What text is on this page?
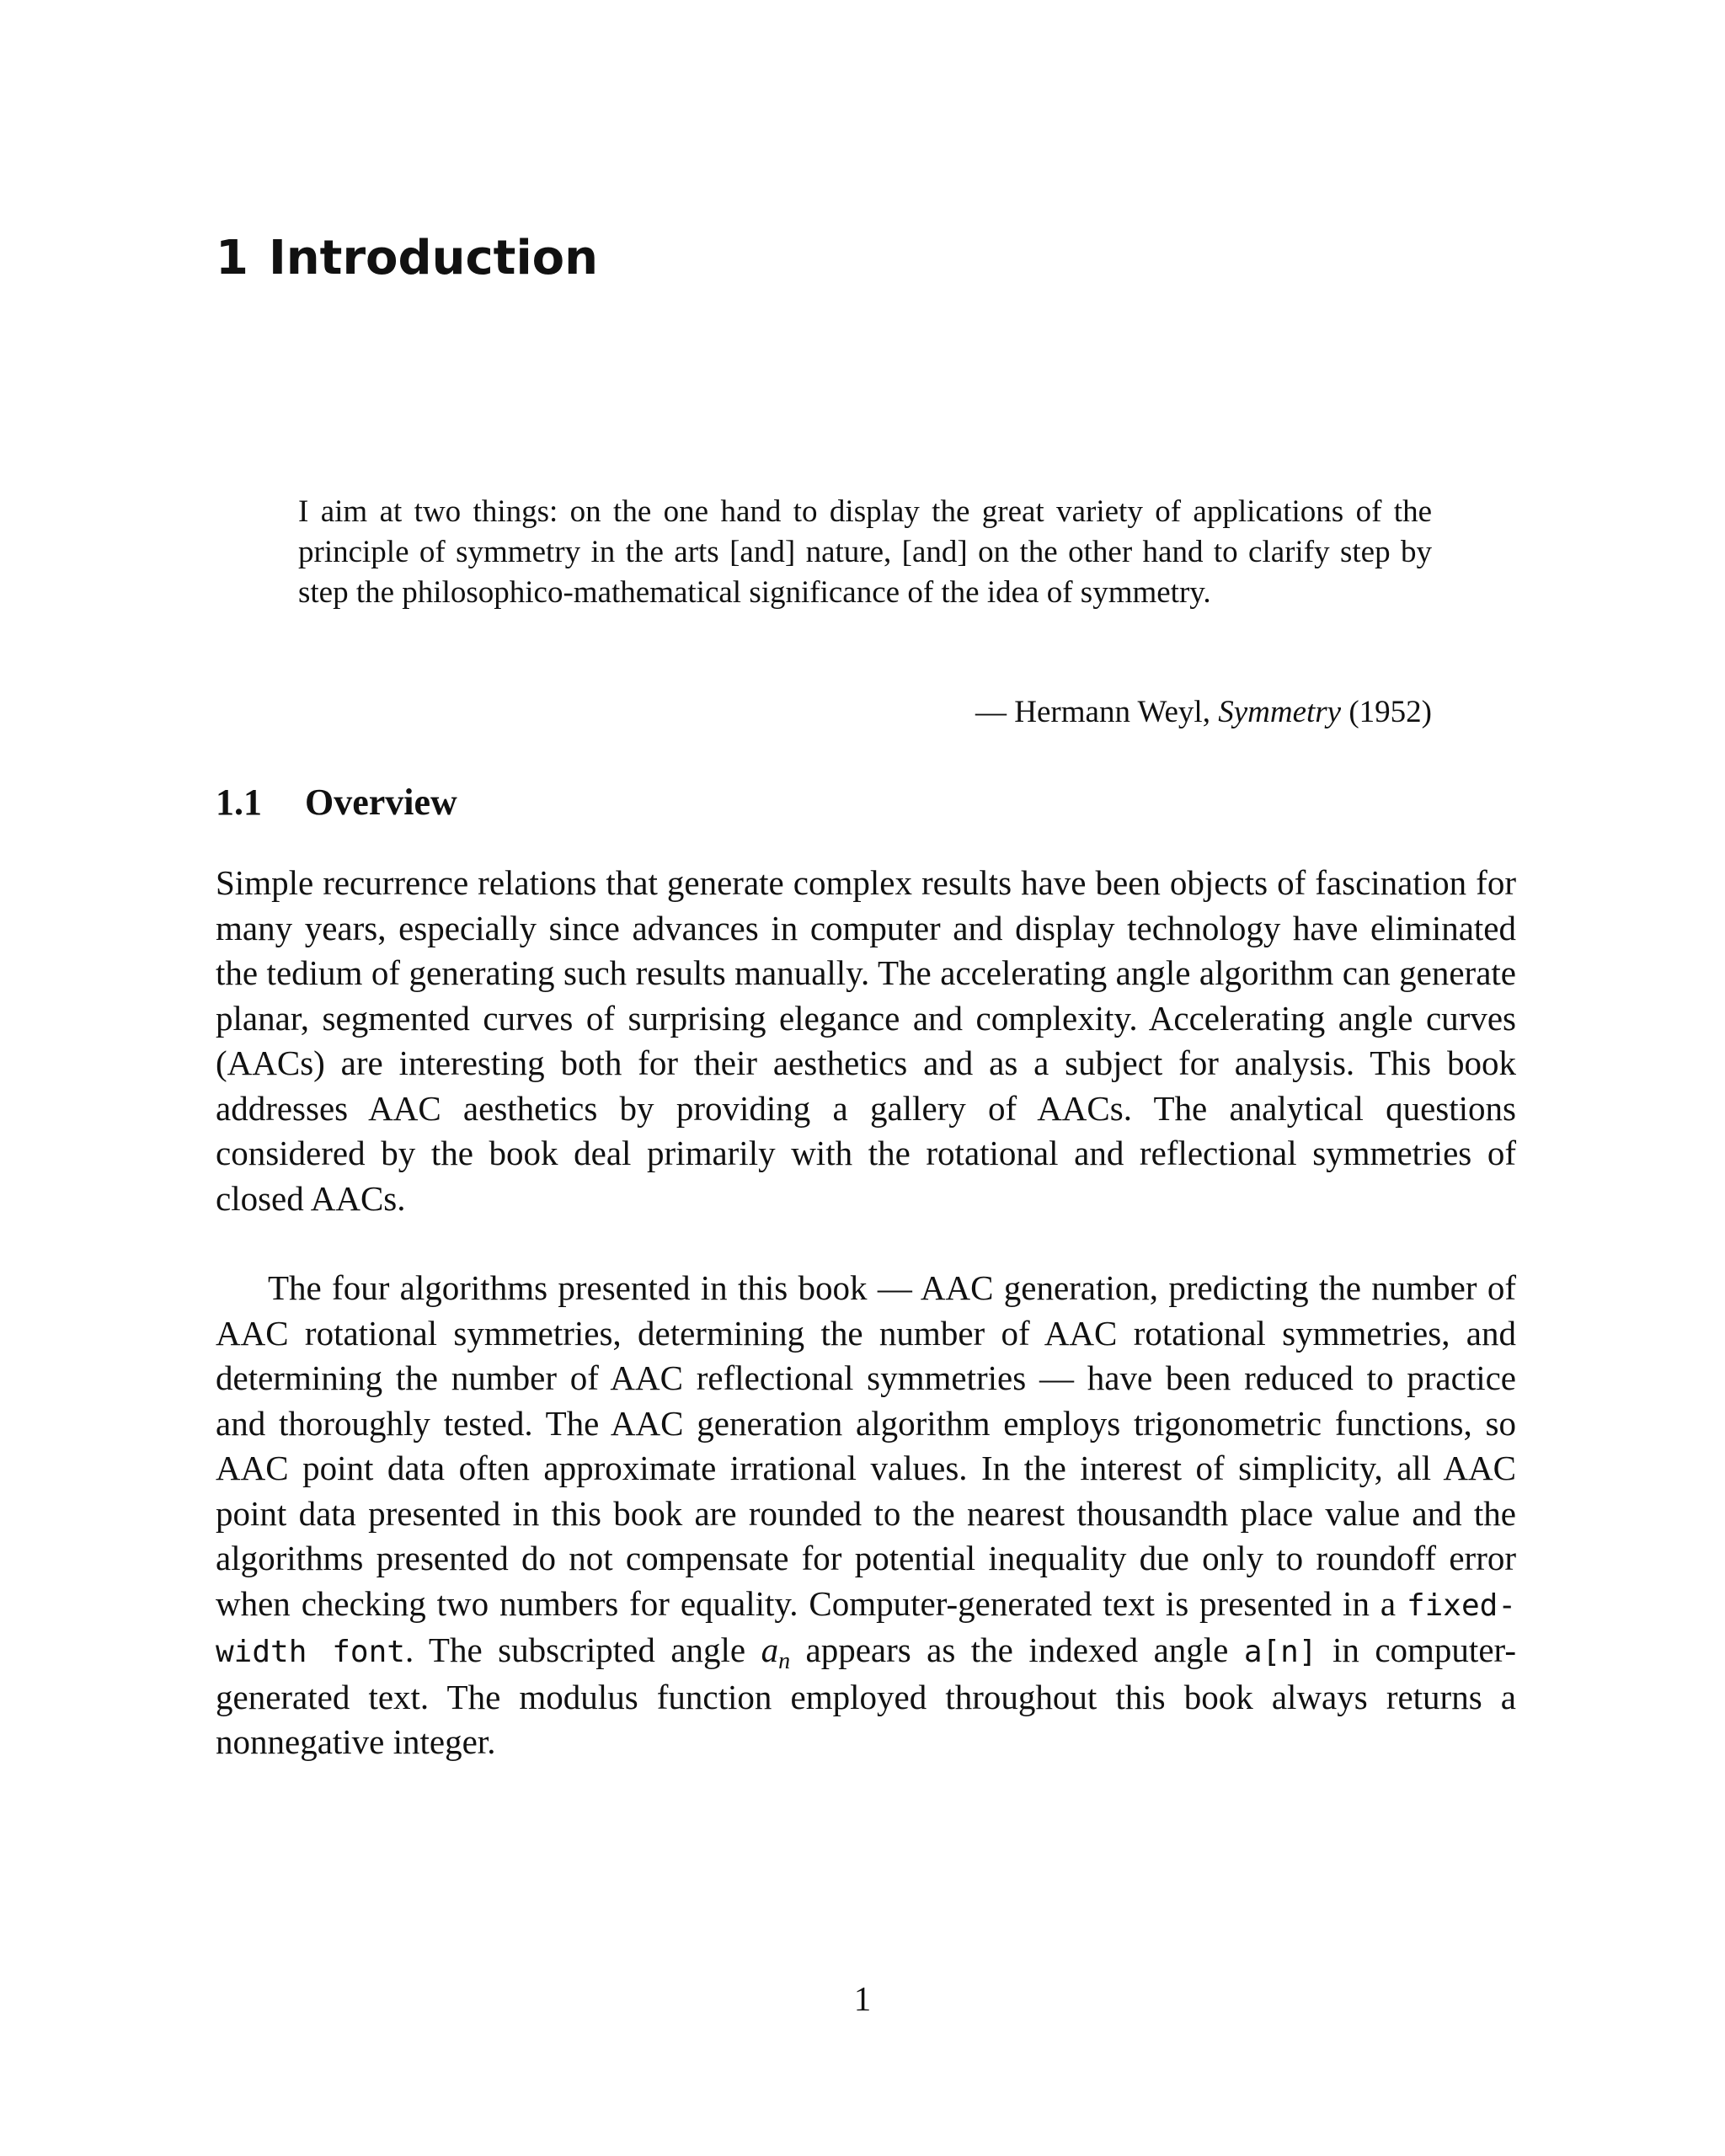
1 Introduction

I aim at two things: on the one hand to display the great variety of applications of the principle of symmetry in the arts [and] nature, [and] on the other hand to clarify step by step the philosophico-mathematical significance of the idea of symmetry.

— Hermann Weyl, Symmetry (1952)
1.1 Overview

Simple recurrence relations that generate complex results have been objects of fascination for many years, especially since advances in computer and display technology have eliminated the tedium of generating such results manually. The accelerating angle algorithm can generate planar, segmented curves of surprising elegance and complexity. Accelerating angle curves (AACs) are interesting both for their aesthetics and as a subject for analysis. This book addresses AAC aesthetics by providing a gallery of AACs. The analytical questions considered by the book deal primarily with the rotational and reflectional symmetries of closed AACs.

The four algorithms presented in this book — AAC generation, predicting the number of AAC rotational symmetries, determining the number of AAC rotational symmetries, and determining the number of AAC reflectional symmetries — have been reduced to practice and thoroughly tested. The AAC generation algorithm employs trigonometric functions, so AAC point data often approximate irrational values. In the interest of simplicity, all AAC point data presented in this book are rounded to the nearest thousandth place value and the algorithms presented do not compensate for potential inequality due only to roundoff error when checking two numbers for equality. Computer-generated text is presented in a fixed-width font. The subscripted angle $a_n$ appears as the indexed angle a[n] in computer-generated text. The modulus function employed throughout this book always returns a nonnegative integer.

1
